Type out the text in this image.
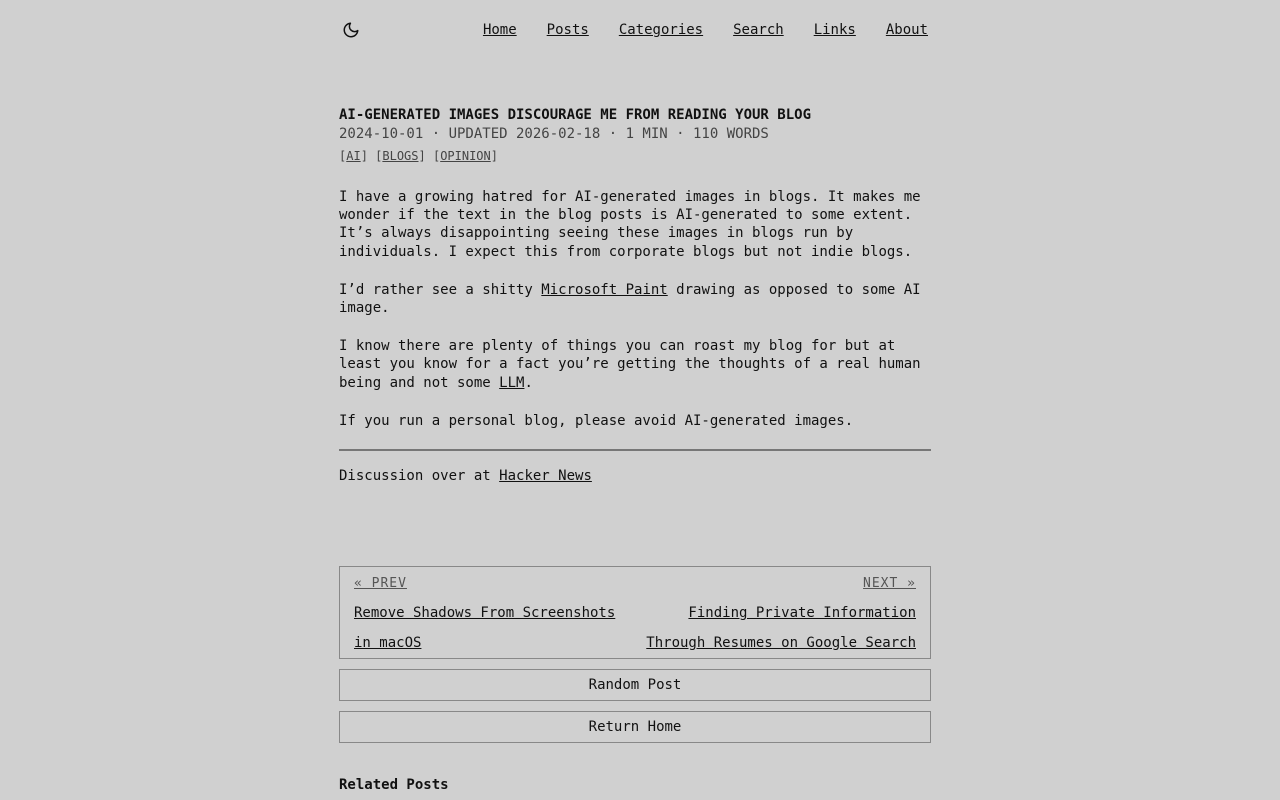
Home Posts Categories Search Links About
AI-GENERATED IMAGES DISCOURAGE ME FROM READING YOUR BLOG
2024-10-01 · UPDATED 2026-02-18 · 1 MIN · 110 WORDS
[AI] [BLOGS] [OPINION]

I have a growing hatred for AI-generated images in blogs. It makes me wonder if the text in the blog posts is AI-generated to some extent. It’s always disappointing seeing these images in blogs run by individuals. I expect this from corporate blogs but not indie blogs.

I’d rather see a shitty Microsoft Paint drawing as opposed to some AI image.

I know there are plenty of things you can roast my blog for but at least you know for a fact you’re getting the thoughts of a real human being and not some LLM.

If you run a personal blog, please avoid AI-generated images.

Discussion over at Hacker News
« PREV
Remove Shadows From Screenshots in macOS
NEXT »
Finding Private Information Through Resumes on Google Search
Random Post
Return Home
Related Posts
